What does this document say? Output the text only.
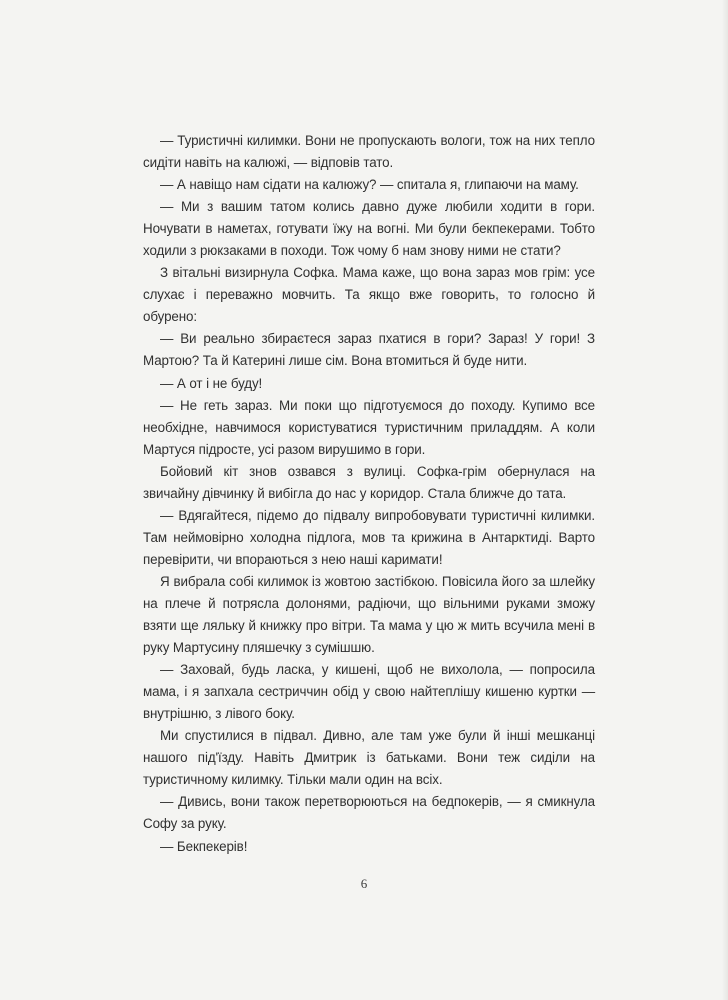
— Туристичні килимки. Вони не пропускають вологи, тож на них тепло сидіти навіть на калюжі, — відповів тато.

— А навіщо нам сідати на калюжу? — спитала я, глипаючи на маму.

— Ми з вашим татом колись давно дуже любили ходити в гори. Ночувати в наметах, готувати їжу на вогні. Ми були бекпекерами. Тобто ходили з рюкзаками в походи. Тож чому б нам знову ними не стати?

З вітальні визирнула Софка. Мама каже, що вона зараз мов грім: усе слухає і переважно мовчить. Та якщо вже говорить, то голосно й обурено:

— Ви реально збираєтеся зараз пхатися в гори? Зараз! У гори! З Мартою? Та й Катерині лише сім. Вона втомиться й буде нити.

— А от і не буду!

— Не геть зараз. Ми поки що підготуємося до походу. Купимо все необхідне, навчимося користуватися туристичним приладдям. А коли Мартуся підросте, усі разом вирушимо в гори.

Бойовий кіт знов озвався з вулиці. Софка-грім обернулася на звичайну дівчинку й вибігла до нас у коридор. Стала ближче до тата.

— Вдягайтеся, підемо до підвалу випробовувати туристичні килимки. Там неймовірно холодна підлога, мов та крижина в Антарктиді. Варто перевірити, чи впораються з нею наші каримати!

Я вибрала собі килимок із жовтою застібкою. Повісила його за шлейку на плече й потрясла долонями, радіючи, що вільними руками зможу взяти ще ляльку й книжку про вітри. Та мама у цю ж мить всучила мені в руку Мартусину пляшечку з сумішшю.

— Заховай, будь ласка, у кишені, щоб не вихолола, — попросила мама, і я запхала сестриччин обід у свою найтеплішу кишеню куртки — внутрішню, з лівого боку.

Ми спустилися в підвал. Дивно, але там уже були й інші мешканці нашого під'їзду. Навіть Дмитрик із батьками. Вони теж сиділи на туристичному килимку. Тільки мали один на всіх.

— Дивись, вони також перетворюються на бедпокерів, — я смикнула Софу за руку.

— Бекпекерів!

6
